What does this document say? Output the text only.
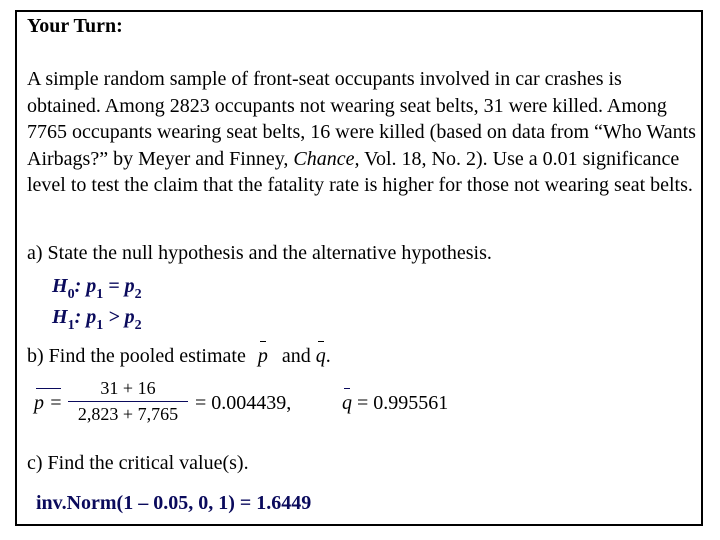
Your Turn:
A simple random sample of front-seat occupants involved in car crashes is obtained. Among 2823 occupants not wearing seat belts, 31 were killed. Among 7765 occupants wearing seat belts, 16 were killed (based on data from “Who Wants Airbags?” by Meyer and Finney, Chance, Vol. 18, No. 2). Use a 0.01 significance level to test the claim that the fatality rate is higher for those not wearing seat belts.
a) State the null hypothesis and the alternative hypothesis.
$H_0$: $p_1 = p_2$
$H_1$: $p_1 > p_2$
b) Find the pooled estimate p and q.
p =
31 + 16
2,823 + 7,765 = 0.004439,	q = 0.995561
c) Find the critical value(s).
inv.Norm(1 – 0.05, 0, 1) = 1.6449
